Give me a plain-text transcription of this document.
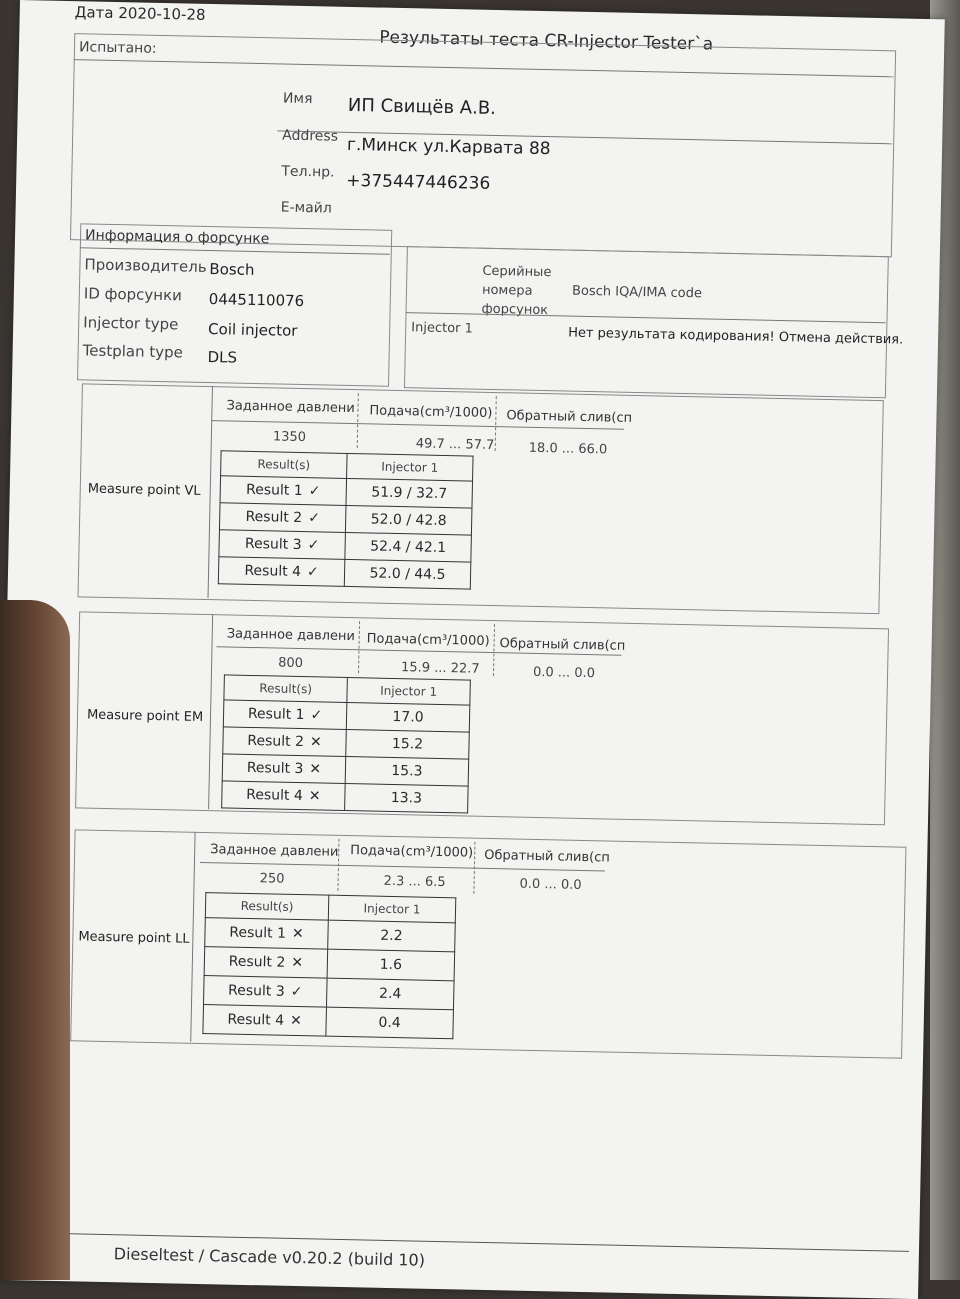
Дата 2020-10-28
Результаты теста CR-Injector Tester`a
Испытано:
Имя ИП Свищёв А.В.
Address г.Минск ул.Карвата 88
Тел.нр. +375447446236
E-майл
Информация о форсунке
Производитель Bosch
ID форсунки 0445110076
Injector type Coil injector
Testplan type DLS
Серийные
номера
форсунок
Bosch IQA/IMA code
Injector 1	Нет результата кодирования! Отмена действия.
Measure point VL
Заданное давлени Подача(cm³/1000) Обратный слив(сп
1350	49.7 ... 57.7	18.0 ... 66.0
Result(s)	Injector 1
Result 1 ✓	51.9 / 32.7
Result 2 ✓	52.0 / 42.8
Result 3 ✓	52.4 / 42.1
Result 4 ✓	52.0 / 44.5
Measure point EM
Заданное давлени Подача(cm³/1000) Обратный слив(сп
800	15.9 ... 22.7	0.0 ... 0.0
Result(s)	Injector 1
Result 1 ✓	17.0
Result 2 ✕	15.2
Result 3 ✕	15.3
Result 4 ✕	13.3
Measure point LL
Заданное давлени Подача(cm³/1000) Обратный слив(сп
250	2.3 ... 6.5	0.0 ... 0.0
Result(s)	Injector 1
Result 1 ✕	2.2
Result 2 ✕	1.6
Result 3 ✓	2.4
Result 4 ✕	0.4
Dieseltest / Cascade v0.20.2 (build 10)
